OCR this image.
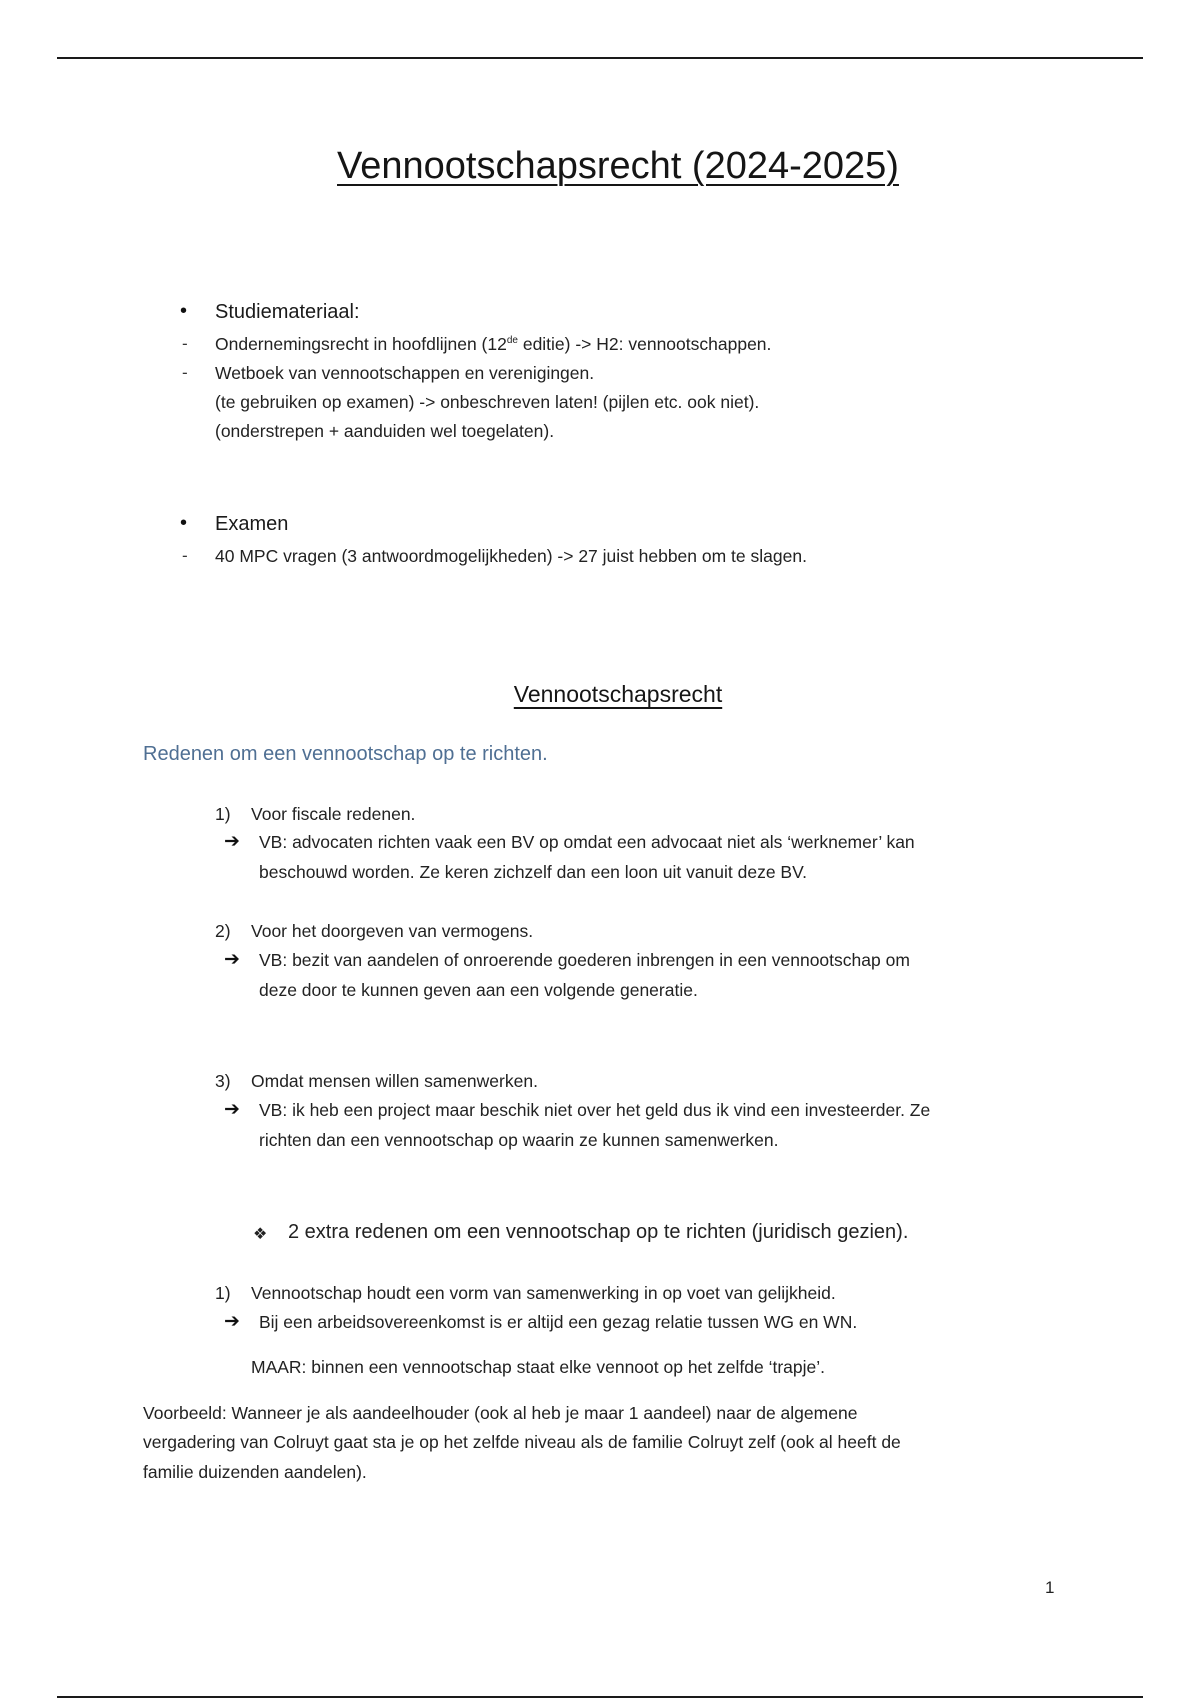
Vennootschapsrecht (2024-2025)
• Studiemateriaal:
- Ondernemingsrecht in hoofdlijnen (12de editie) -> H2: vennootschappen.
- Wetboek van vennootschappen en verenigingen.
(te gebruiken op examen) -> onbeschreven laten! (pijlen etc. ook niet).
(onderstrepen + aanduiden wel toegelaten).
• Examen
- 40 MPC vragen (3 antwoordmogelijkheden) -> 27 juist hebben om te slagen.
Vennootschapsrecht
Redenen om een vennootschap op te richten.
1) Voor fiscale redenen.
➔ VB: advocaten richten vaak een BV op omdat een advocaat niet als ‘werknemer’ kan
beschouwd worden. Ze keren zichzelf dan een loon uit vanuit deze BV.
2) Voor het doorgeven van vermogens.
➔ VB: bezit van aandelen of onroerende goederen inbrengen in een vennootschap om
deze door te kunnen geven aan een volgende generatie.
3) Omdat mensen willen samenwerken.
➔ VB: ik heb een project maar beschik niet over het geld dus ik vind een investeerder. Ze
richten dan een vennootschap op waarin ze kunnen samenwerken.
❖ 2 extra redenen om een vennootschap op te richten (juridisch gezien).
1) Vennootschap houdt een vorm van samenwerking in op voet van gelijkheid.
➔ Bij een arbeidsovereenkomst is er altijd een gezag relatie tussen WG en WN.
MAAR: binnen een vennootschap staat elke vennoot op het zelfde ‘trapje’.
Voorbeeld: Wanneer je als aandeelhouder (ook al heb je maar 1 aandeel) naar de algemene
vergadering van Colruyt gaat sta je op het zelfde niveau als de familie Colruyt zelf (ook al heeft de
familie duizenden aandelen).
1
